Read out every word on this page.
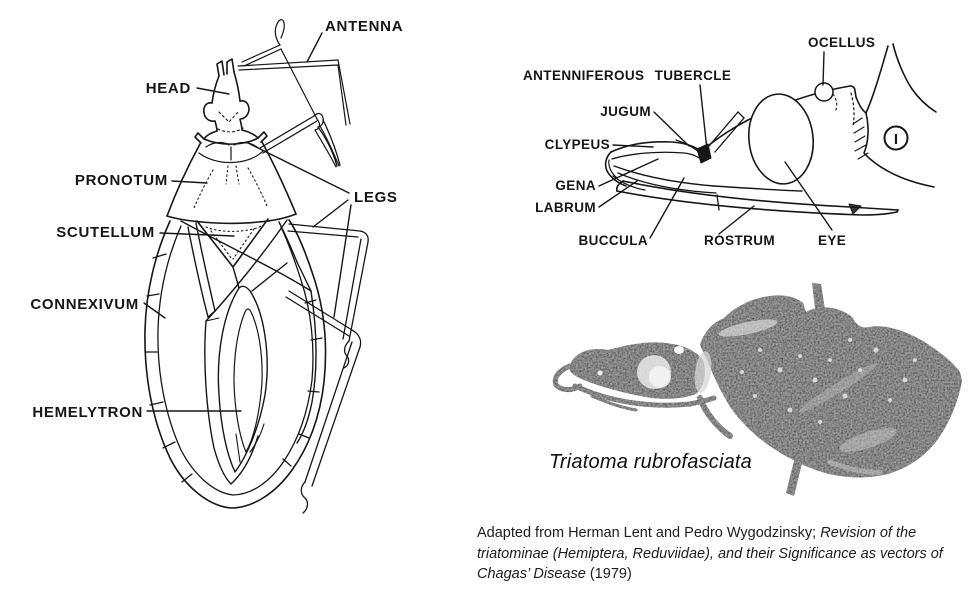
ANTENNA
HEAD
PRONOTUM
SCUTELLUM
CONNEXIVUM
HEMELYTRON
LEGS
ANTENNIFEROUS TUBERCLE
OCELLUS
JUGUM
CLYPEUS
GENA
LABRUM
BUCCULA	ROSTRUM	EYE
I
Triatoma rubrofasciata
Adapted from Herman Lent and Pedro Wygodzinsky; Revision of the triatominae (Hemiptera, Reduviidae), and their Significance as vectors of Chagas’ Disease (1979)
